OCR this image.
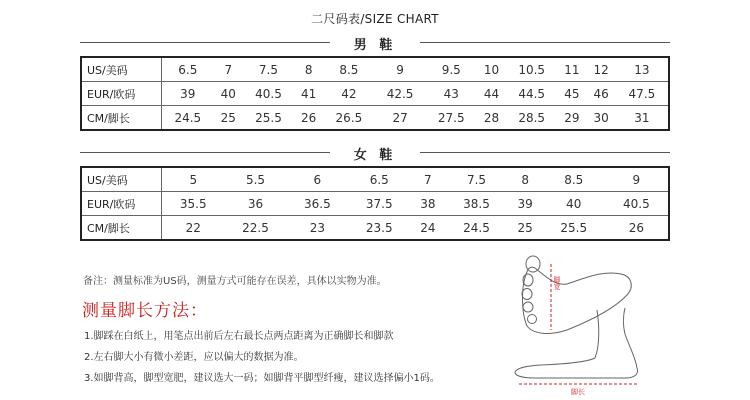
二尺码表/SIZE CHART
男 鞋
US/美码	6.5	7	7.5	8	8.5	9	9.5	10	10.5	11	12	13
EUR/欧码	39	40	40.5	41	42	42.5	43	44	44.5	45	46	47.5
CM/脚长	24.5	25	25.5	26	26.5	27	27.5	28	28.5	29	30	31
女 鞋
US/美码	5	5.5	6	6.5	7	7.5	8	8.5	9
EUR/欧码	35.5	36	36.5	37.5	38	38.5	39	40	40.5
CM/脚长	22	22.5	23	23.5	24	24.5	25	25.5	26
备注：测量标准为US码，测量方式可能存在误差，具体以实物为准。
测量脚长方法：
1.脚踩在白纸上，用笔点出前后左右最长点两点距离为正确脚长和脚款
2.左右脚大小有微小差距，应以偏大的数据为准。
3.如脚背高，脚型宽肥，建议选大一码；如脚背平脚型纤瘦，建议选择偏小1码。
脚宽
脚长
